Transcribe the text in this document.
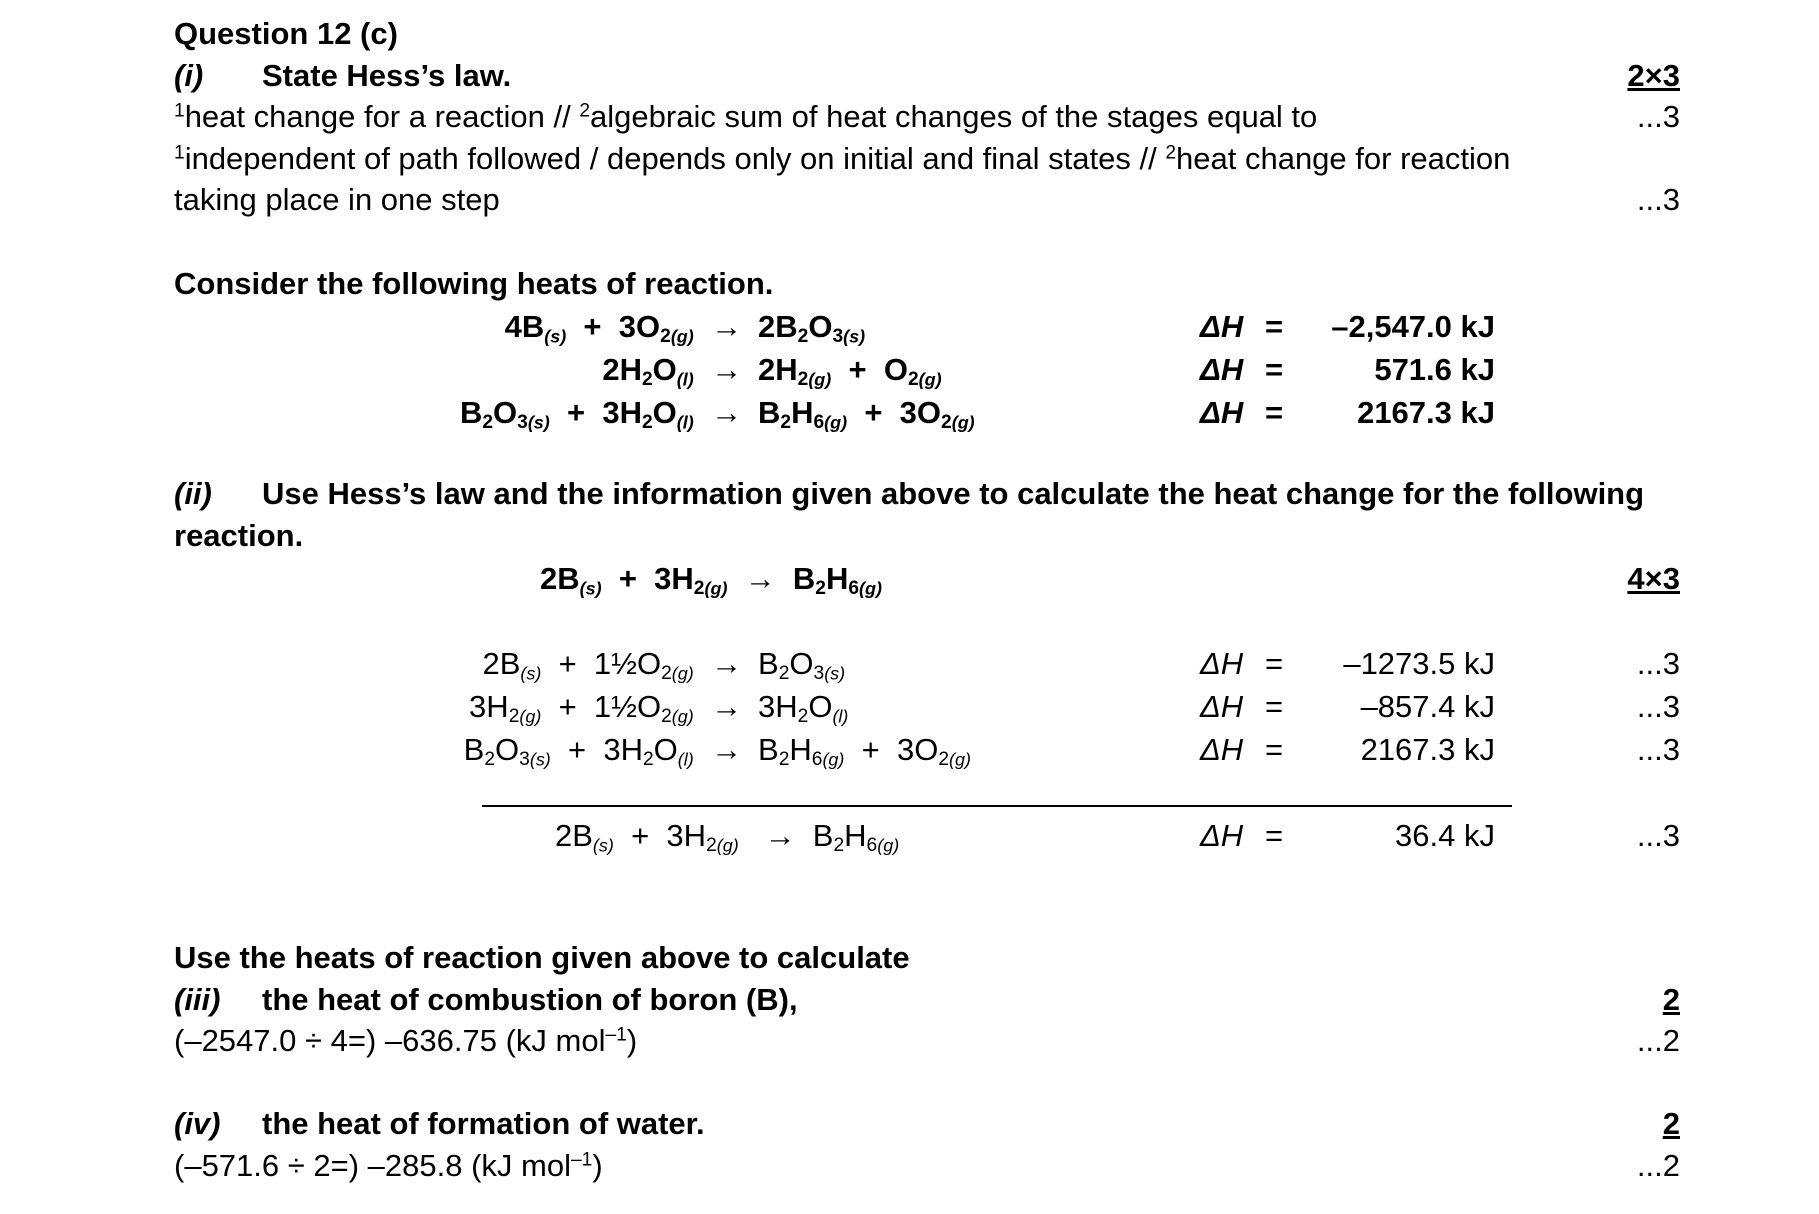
Question 12 (c)
(i) State Hess’s law.	2×3
$^1$heat change for a reaction // $^2$algebraic sum of heat changes of the stages equal to	...3
$^1$independent of path followed / depends only on initial and final states // $^2$heat change for reaction
taking place in one step	...3
Consider the following heats of reaction.
$4B(s) + 3O_2(g) \to 2B_2O_3(s)$	ΔH =	–2,547.0 kJ
$2H_2O(l) \to 2H_2(g) + O_2(g)$	ΔH =	571.6 kJ
$B_2O_3(s) + 3H_2O(l) \to B_2H_6(g) + 3O_2(g)$	ΔH =	2167.3 kJ
(ii) Use Hess’s law and the information given above to calculate the heat change for the following
reaction.
$2B(s) + 3H_2(g) \to B_2H_6(g)$	4×3
$2B(s) + 1\frac{1}{2}O_2(g) \to B_2O_3(s)$	ΔH =	–1273.5 kJ	...3
$3H_2(g)$  +  $1\frac{1}{2}O_2(g) \to 3H_2O(l)$	ΔH =	–857.4 kJ	...3
$B_2O_3(s) + 3H_2O(l) \to B_2H_6(g) + 3O_2(g)$	ΔH =	2167.3 kJ	...3
$2B(s) + 3H_2(g) \to B_2H_6(g)$	ΔH =	36.4 kJ	...3
Use the heats of reaction given above to calculate
(iii) the heat of combustion of boron (B),	2
(–2547.0 ÷ 4=) –636.75 (kJ mol$^{-1}$)	...2
(iv) the heat of formation of water.	2
(–571.6 ÷ 2=) –285.8 (kJ mol$^{-1}$)	...2
